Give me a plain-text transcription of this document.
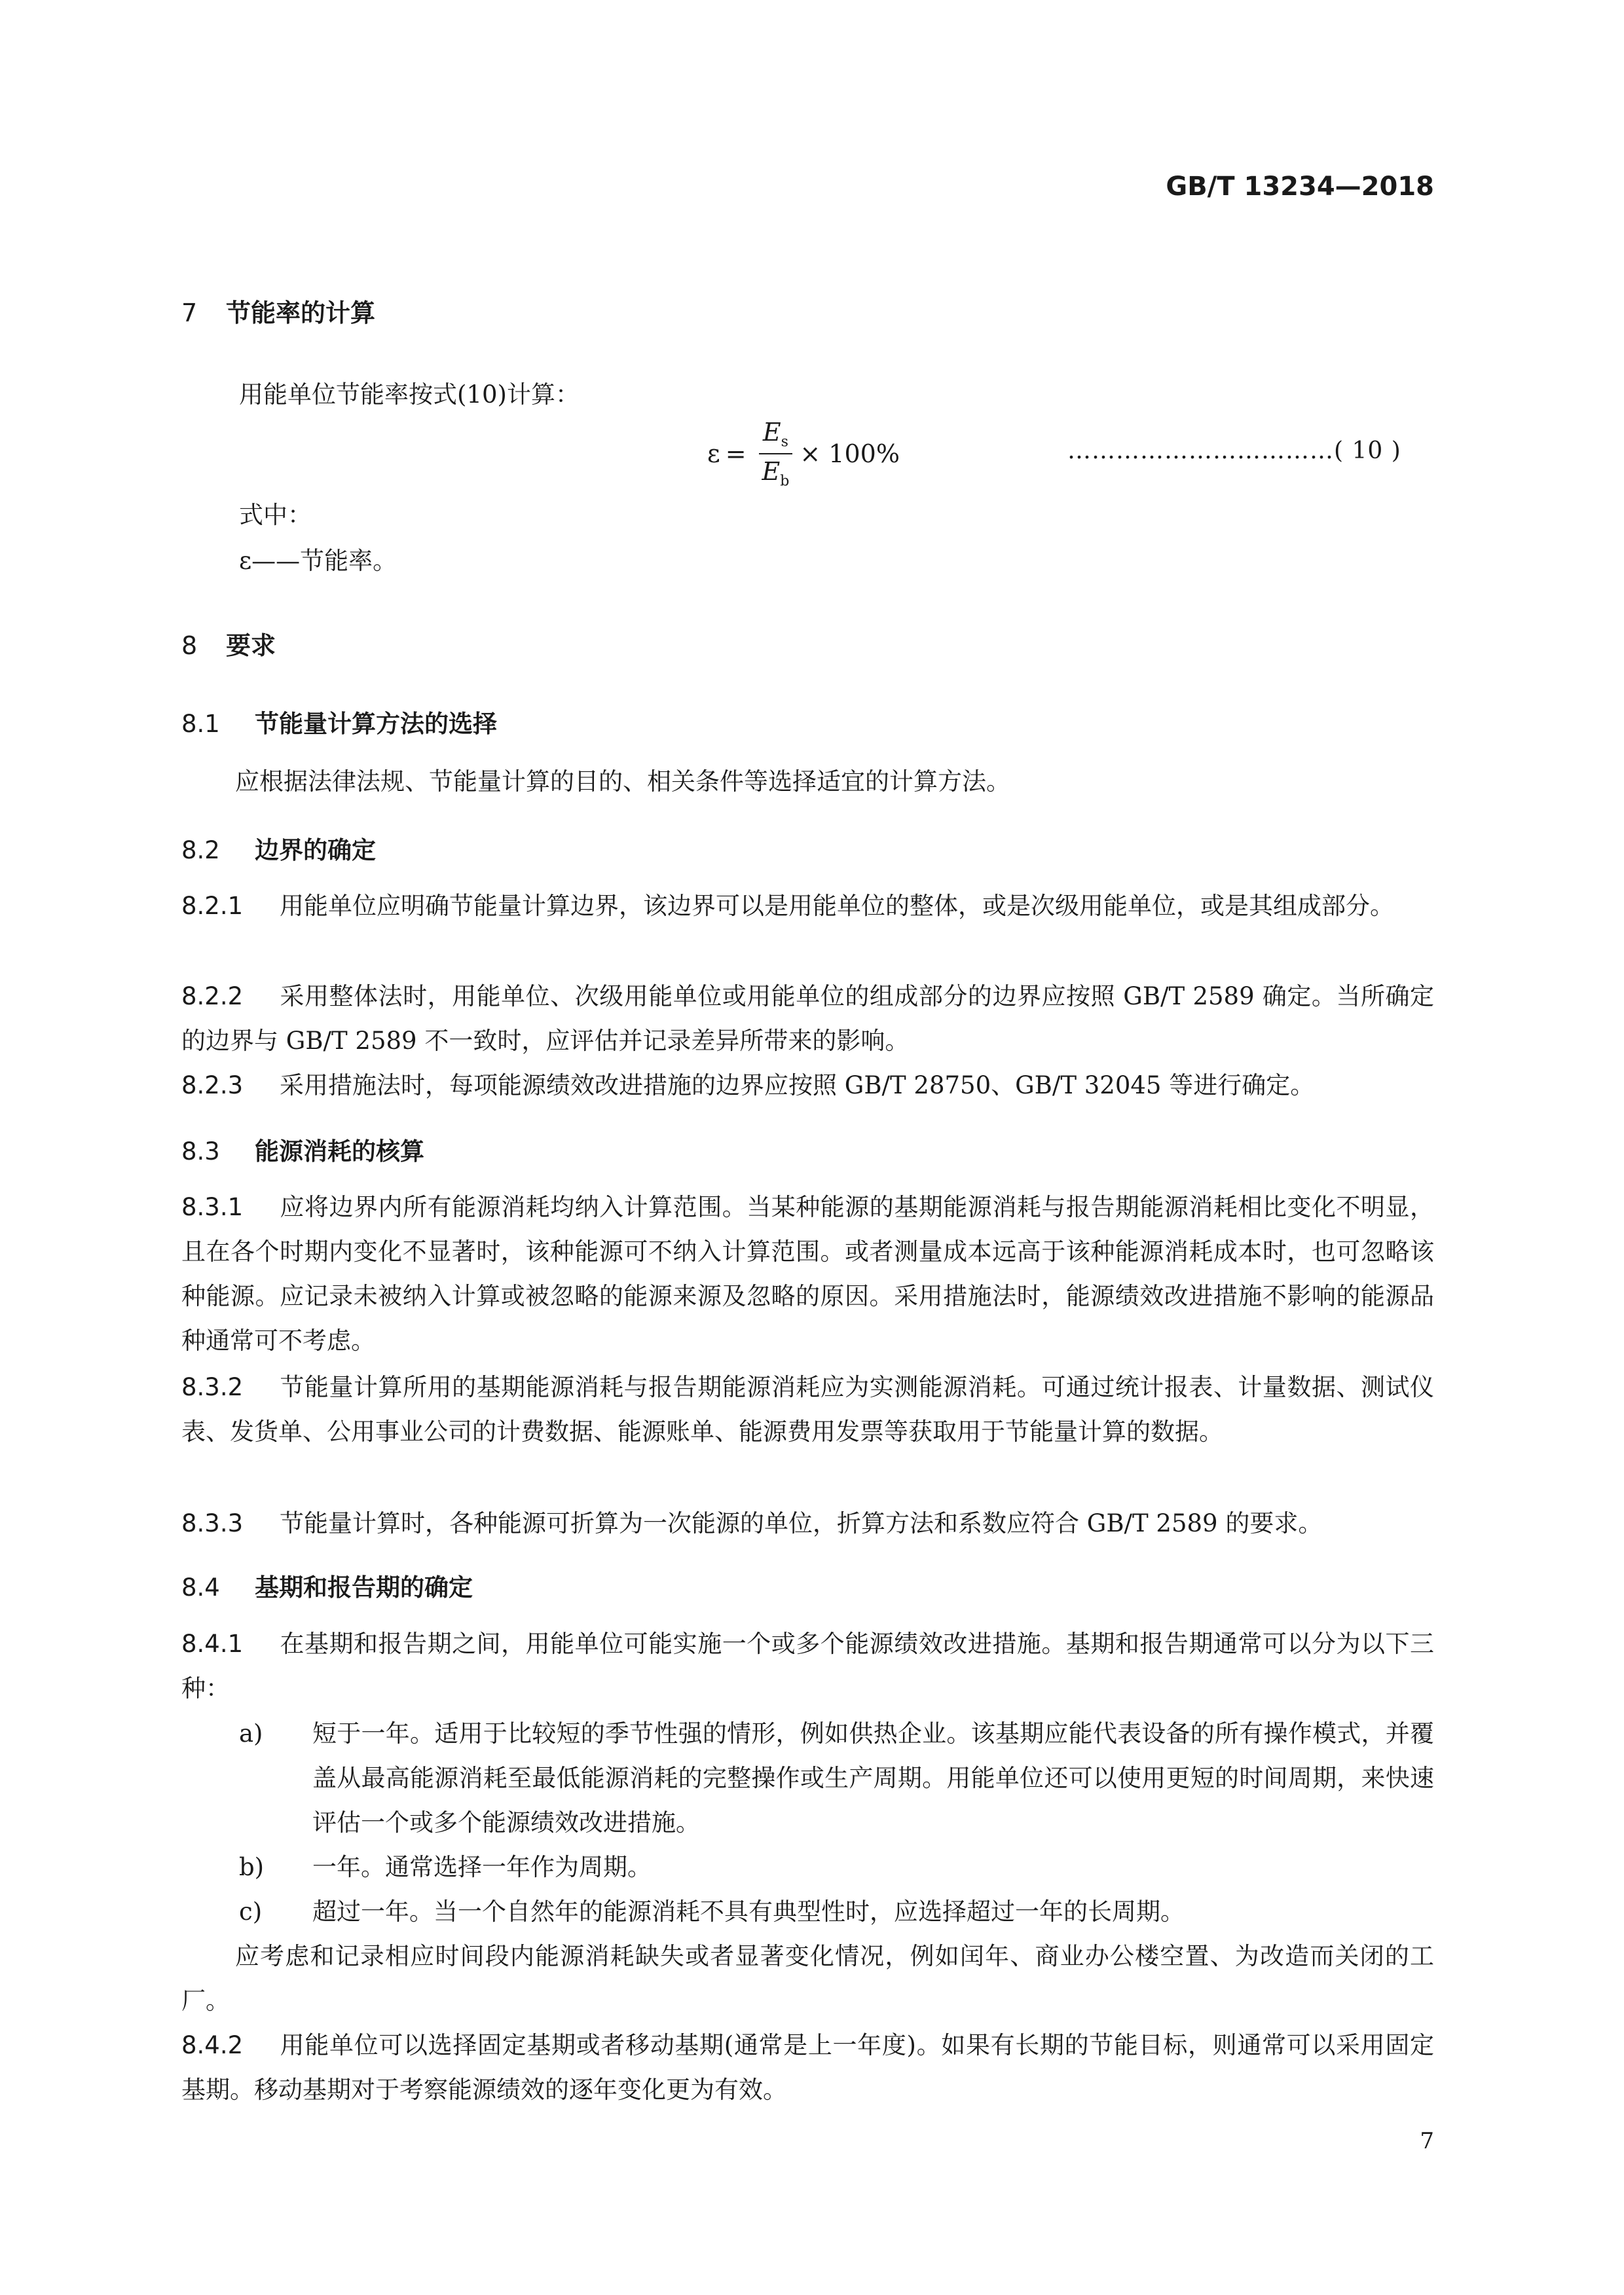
GB/T 13234—2018
7 节能率的计算
用能单位节能率按式(10)计算：
$\varepsilon = \frac{E_s}{E_b} \times 100\%$	……………………………( 10 )
式中：
ε——节能率。
8 要求
8.1 节能量计算方法的选择
应根据法律法规、节能量计算的目的、相关条件等选择适宜的计算方法。
8.2 边界的确定
8.2.1 用能单位应明确节能量计算边界，该边界可以是用能单位的整体，或是次级用能单位，或是其组成部分。
8.2.2 采用整体法时，用能单位、次级用能单位或用能单位的组成部分的边界应按照 GB/T 2589 确定。当所确定的边界与 GB/T 2589 不一致时，应评估并记录差异所带来的影响。
8.2.3 采用措施法时，每项能源绩效改进措施的边界应按照 GB/T 28750、GB/T 32045 等进行确定。
8.3 能源消耗的核算
8.3.1 应将边界内所有能源消耗均纳入计算范围。当某种能源的基期能源消耗与报告期能源消耗相比变化不明显，且在各个时期内变化不显著时，该种能源可不纳入计算范围。或者测量成本远高于该种能源消耗成本时，也可忽略该种能源。应记录未被纳入计算或被忽略的能源来源及忽略的原因。采用措施法时，能源绩效改进措施不影响的能源品种通常可不考虑。
8.3.2 节能量计算所用的基期能源消耗与报告期能源消耗应为实测能源消耗。可通过统计报表、计量数据、测试仪表、发货单、公用事业公司的计费数据、能源账单、能源费用发票等获取用于节能量计算的数据。
8.3.3 节能量计算时，各种能源可折算为一次能源的单位，折算方法和系数应符合 GB/T 2589 的要求。
8.4 基期和报告期的确定
8.4.1 在基期和报告期之间，用能单位可能实施一个或多个能源绩效改进措施。基期和报告期通常可以分为以下三种：
a)	短于一年。适用于比较短的季节性强的情形，例如供热企业。该基期应能代表设备的所有操作模式，并覆盖从最高能源消耗至最低能源消耗的完整操作或生产周期。用能单位还可以使用更短的时间周期，来快速评估一个或多个能源绩效改进措施。
b)	一年。通常选择一年作为周期。
c)	超过一年。当一个自然年的能源消耗不具有典型性时，应选择超过一年的长周期。
应考虑和记录相应时间段内能源消耗缺失或者显著变化情况，例如闰年、商业办公楼空置、为改造而关闭的工厂。
8.4.2 用能单位可以选择固定基期或者移动基期(通常是上一年度)。如果有长期的节能目标，则通常可以采用固定基期。移动基期对于考察能源绩效的逐年变化更为有效。
7
